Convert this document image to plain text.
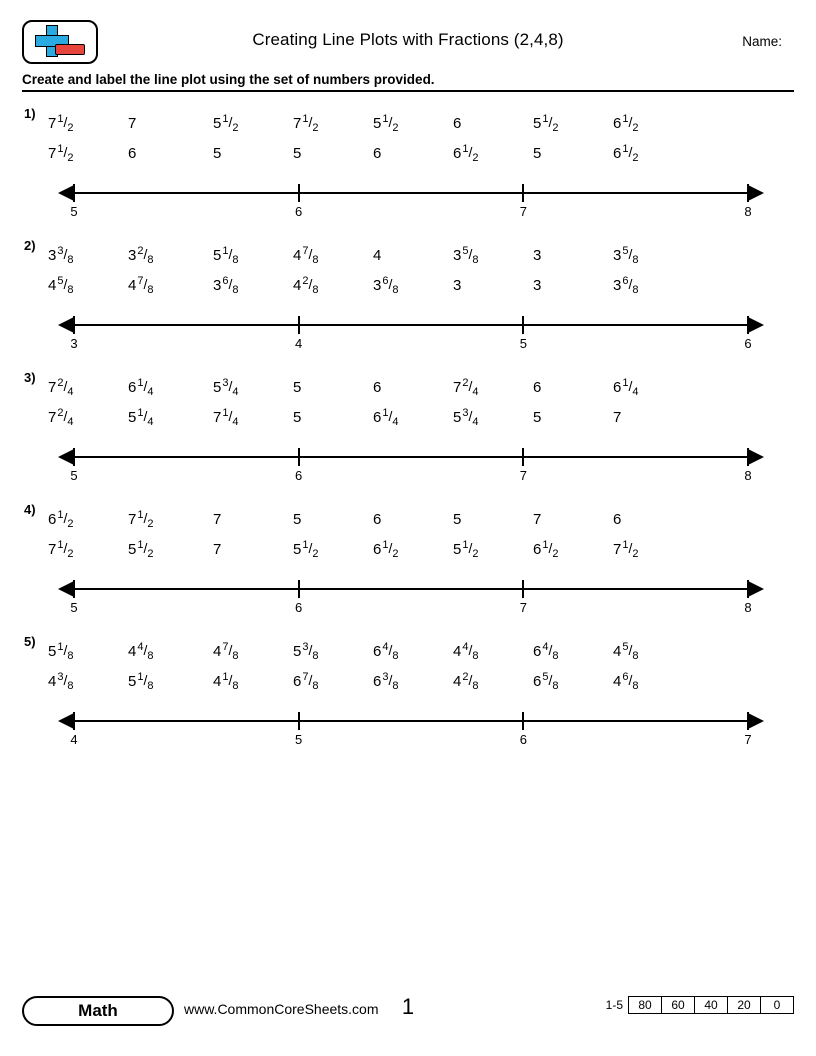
Creating Line Plots with Fractions (2,4,8)	Name:
Create and label the line plot using the set of numbers provided.
1)
71/2	7	51/2	71/2	51/2	6	51/2	61/2
71/2	6	5	5	6	61/2	5	61/2
5	6	7	8
2)
33/8	32/8	51/8	47/8	4	35/8	3	35/8
45/8	47/8	36/8	42/8	36/8	3	3	36/8
3	4	5	6
3)
72/4	61/4	53/4	5	6	72/4	6	61/4
72/4	51/4	71/4	5	61/4	53/4	5	7
5	6	7	8
4)
61/2	71/2	7	5	6	5	7	6
71/2	51/2	7	51/2	61/2	51/2	61/2	71/2
5	6	7	8
5)
51/8	44/8	47/8	53/8	64/8	44/8	64/8	45/8
43/8	51/8	41/8	67/8	63/8	42/8	65/8	46/8
4	5	6	7
Math	www.CommonCoreSheets.com	1	1-5	80	60	40	20	0
